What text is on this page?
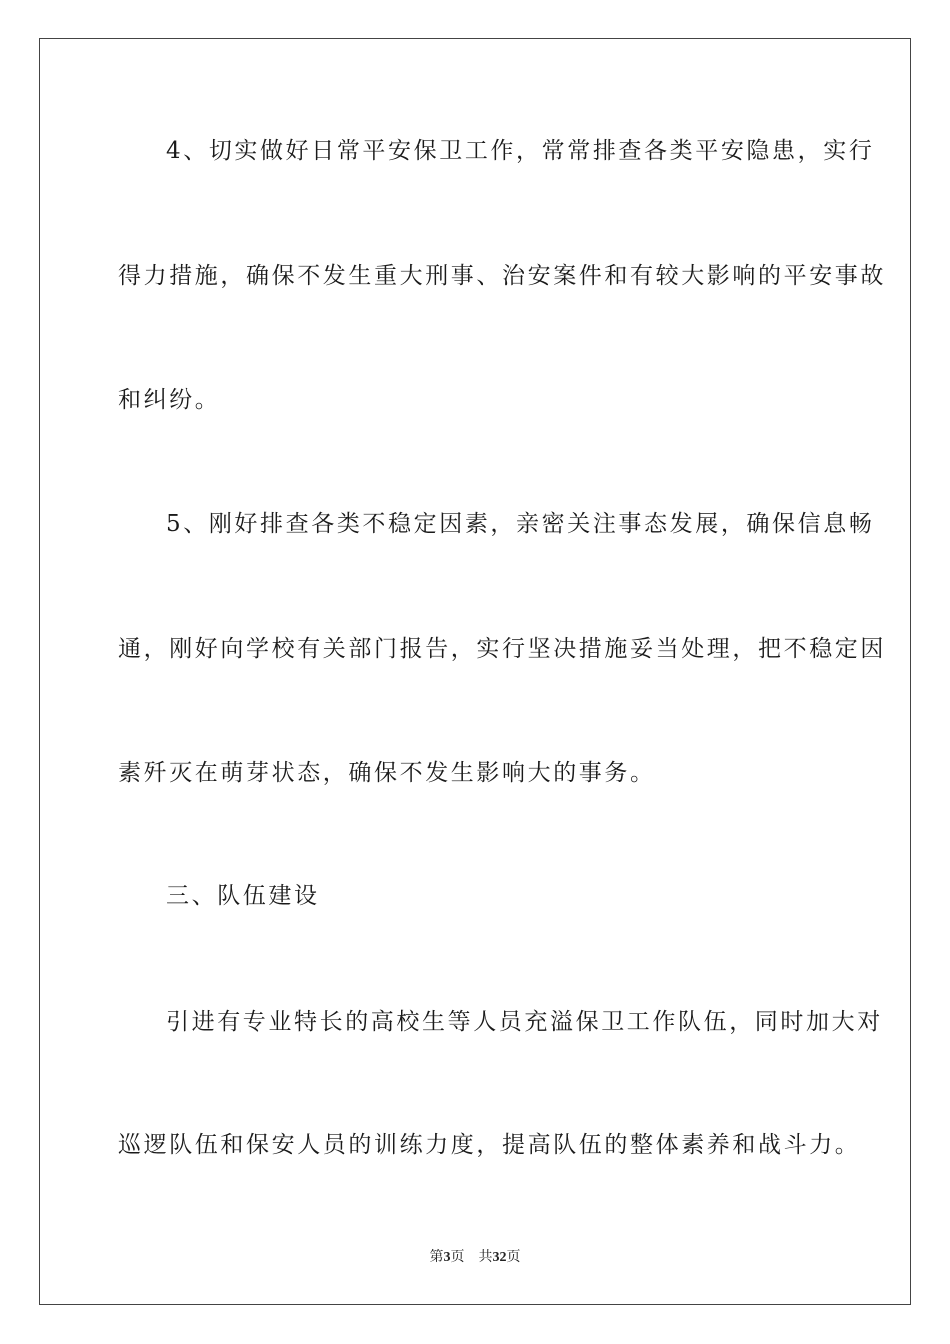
4、切实做好日常平安保卫工作，常常排查各类平安隐患，实行
得力措施，确保不发生重大刑事、治安案件和有较大影响的平安事故
和纠纷。
5、刚好排查各类不稳定因素，亲密关注事态发展，确保信息畅
通，刚好向学校有关部门报告，实行坚决措施妥当处理，把不稳定因
素歼灭在萌芽状态，确保不发生影响大的事务。
三、队伍建设
引进有专业特长的高校生等人员充溢保卫工作队伍，同时加大对
巡逻队伍和保安人员的训练力度，提高队伍的整体素养和战斗力。
第3页 共32页
